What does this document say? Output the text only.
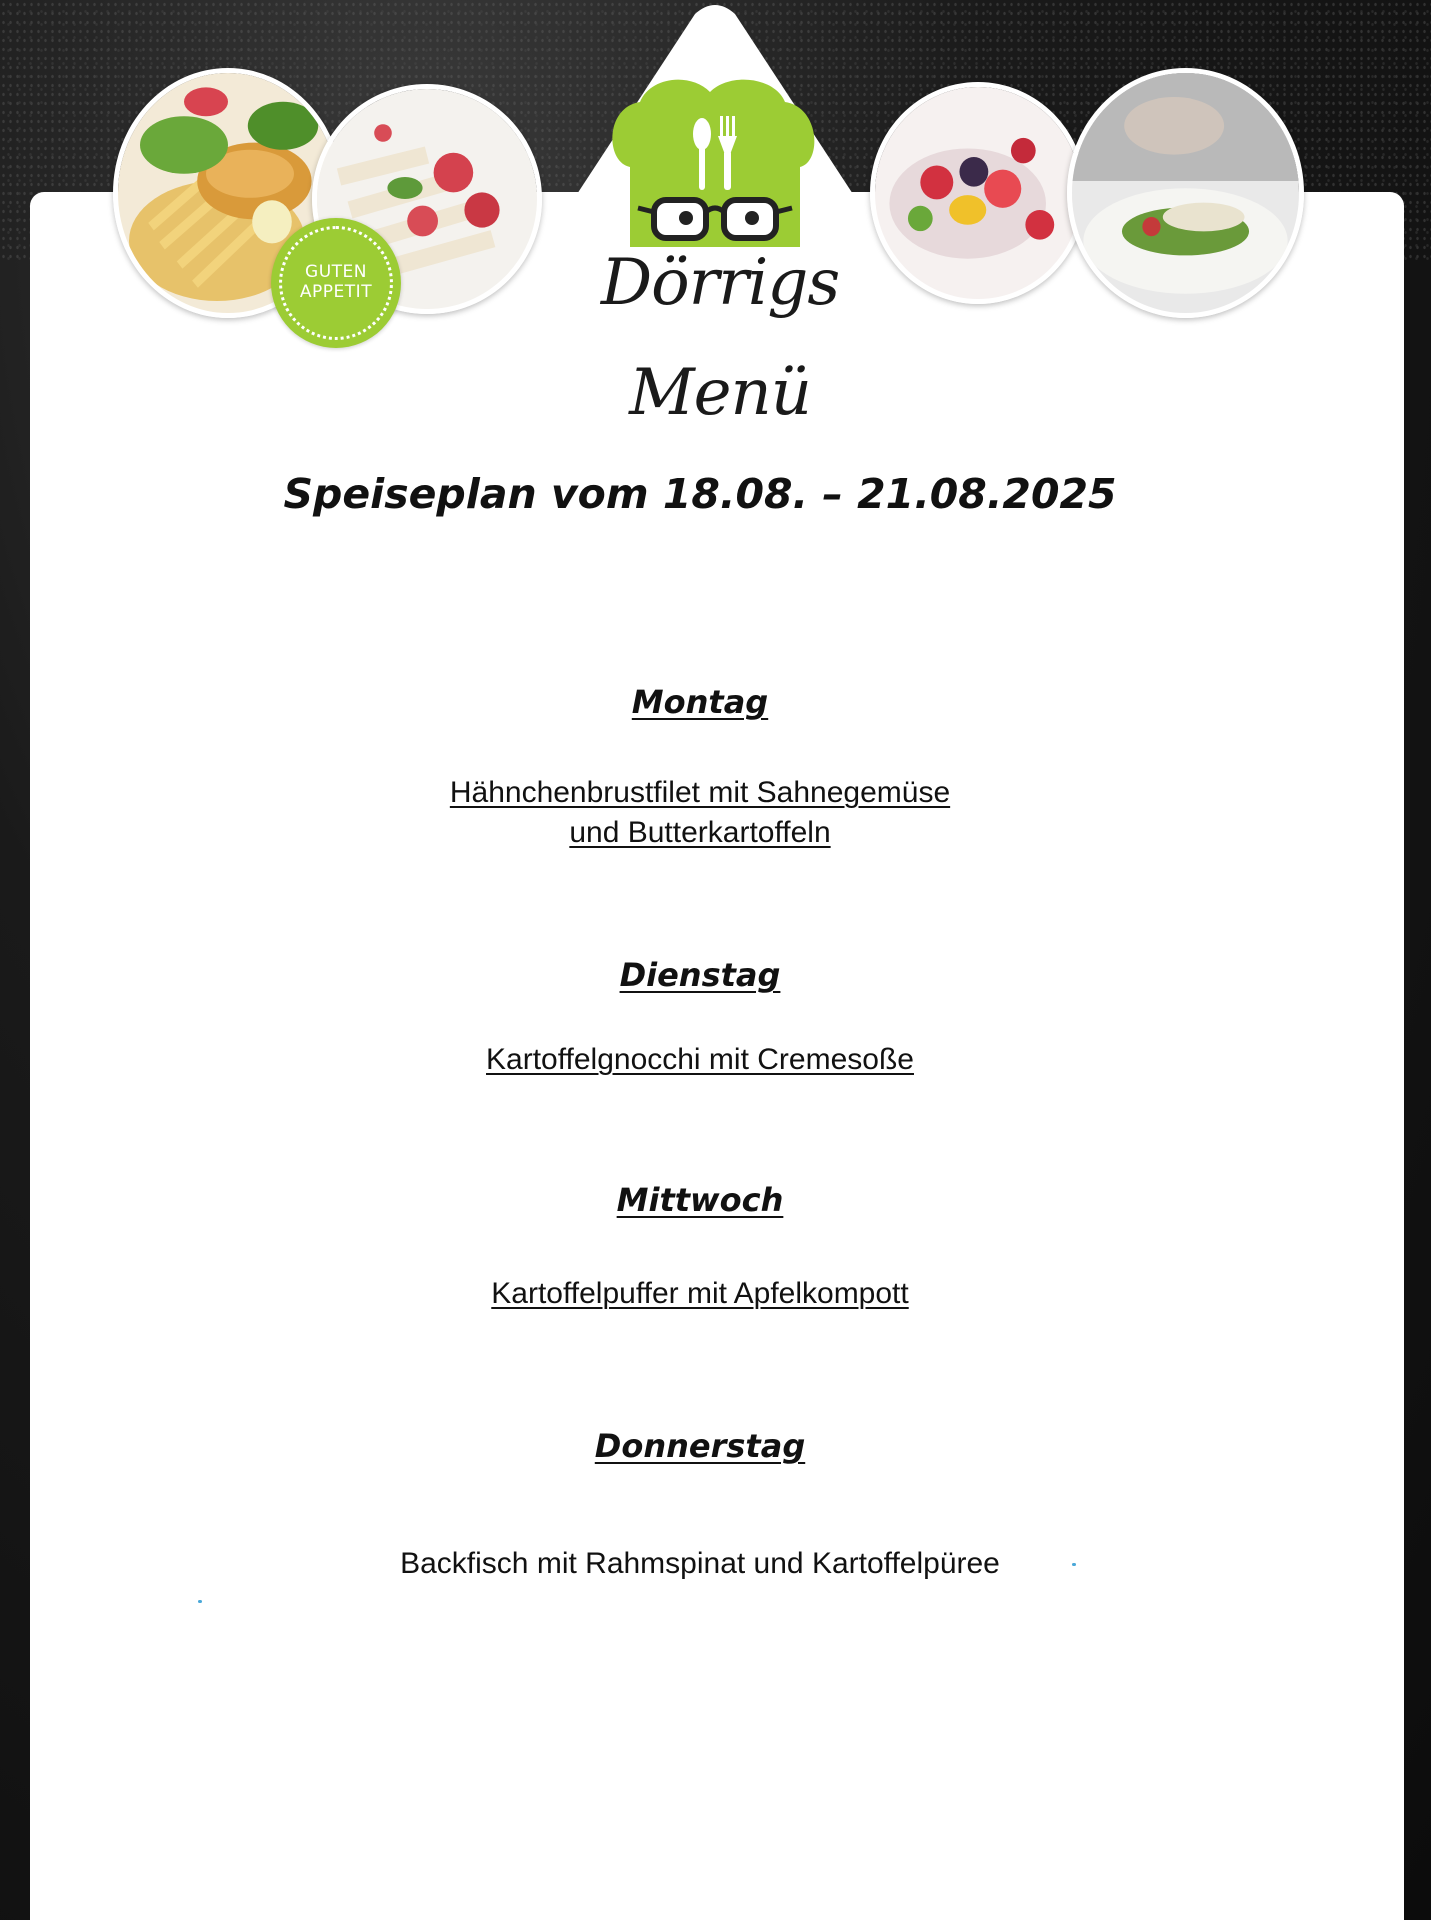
GUTEN
APPETIT	Dörrigs Menü
Speiseplan vom 18.08. – 21.08.2025
Montag
Hähnchenbrustfilet mit Sahnegemüse
und Butterkartoffeln
Dienstag
Kartoffelgnocchi mit Cremesoße
Mittwoch
Kartoffelpuffer mit Apfelkompott
Donnerstag
Backfisch mit Rahmspinat und Kartoffelpüree
